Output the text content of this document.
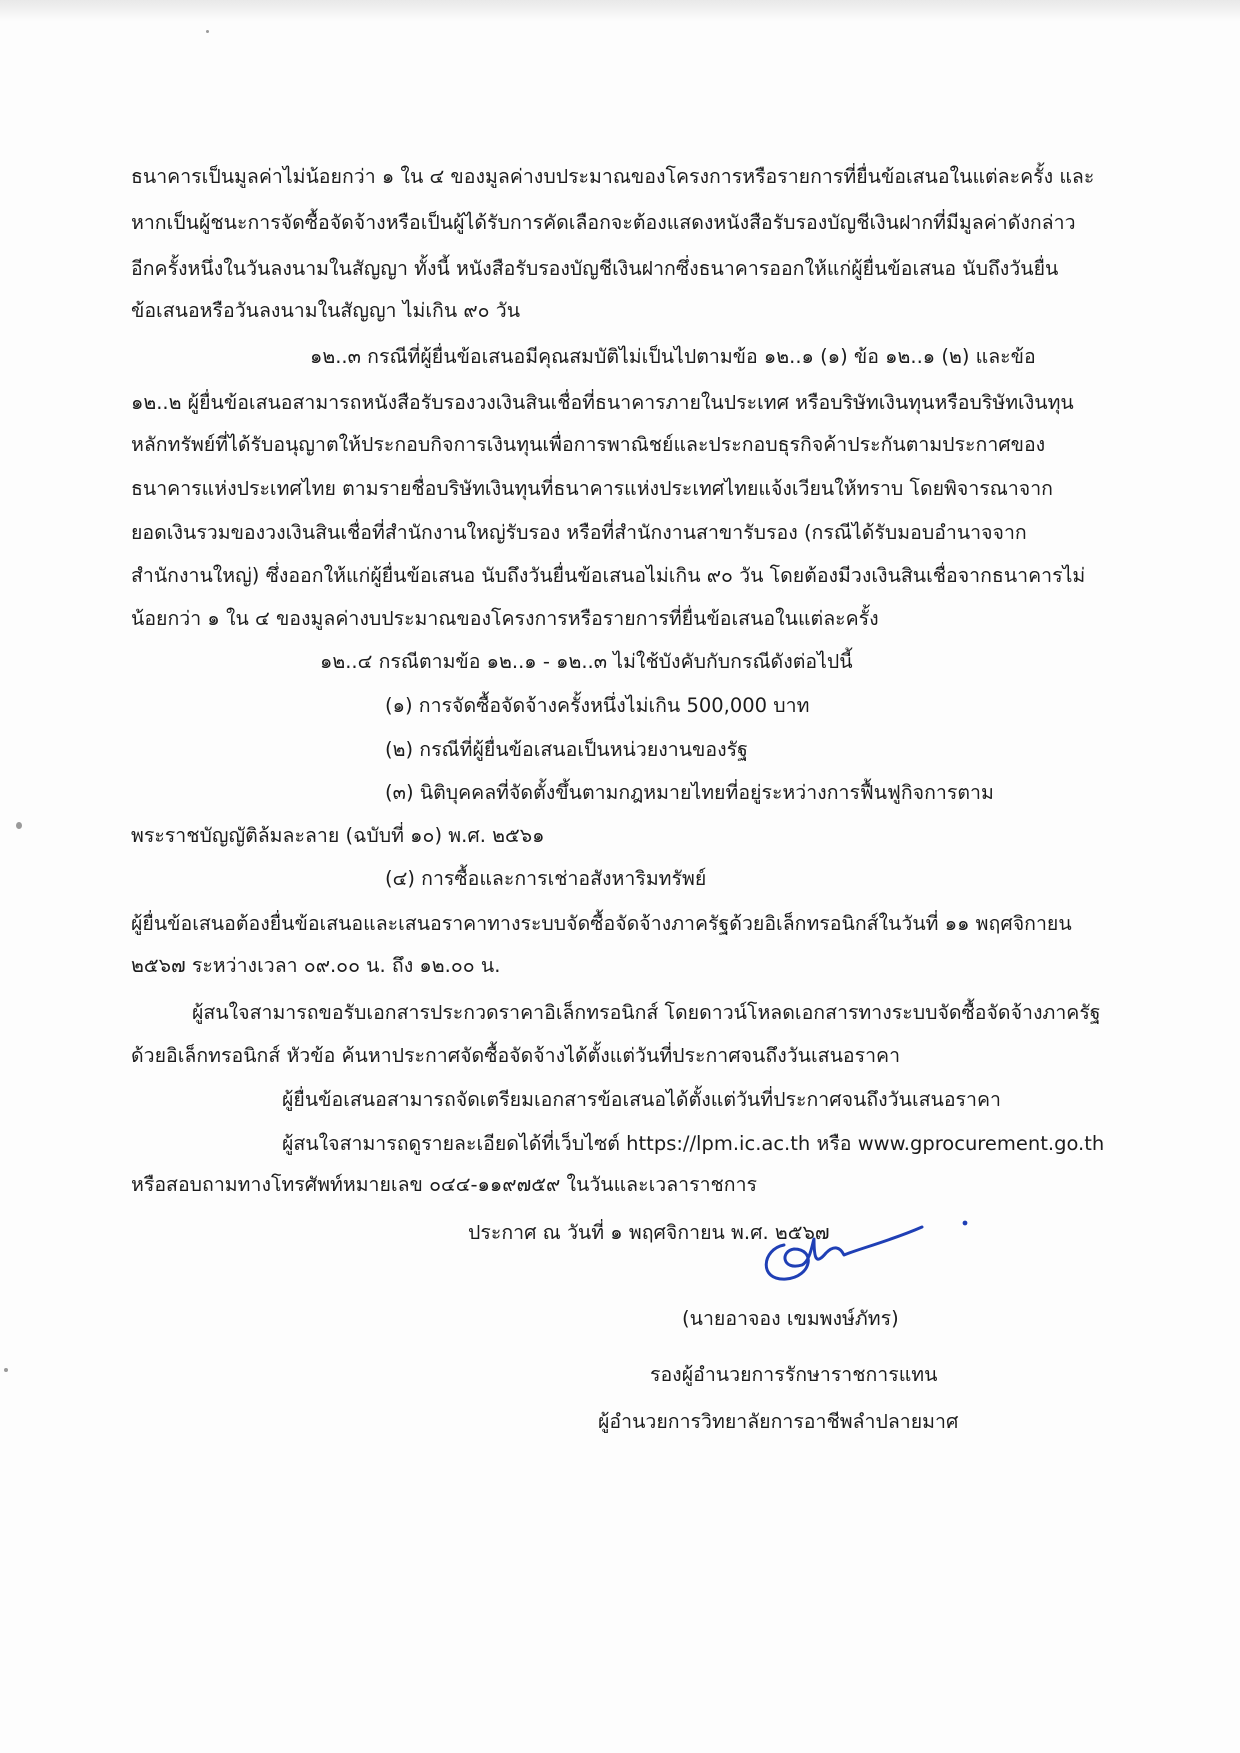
ธนาคารเป็นมูลค่าไม่น้อยกว่า ๑ ใน ๔ ของมูลค่างบประมาณของโครงการหรือรายการที่ยื่นข้อเสนอในแต่ละครั้ง และ
หากเป็นผู้ชนะการจัดซื้อจัดจ้างหรือเป็นผู้ได้รับการคัดเลือกจะต้องแสดงหนังสือรับรองบัญชีเงินฝากที่มีมูลค่าดังกล่าว
อีกครั้งหนึ่งในวันลงนามในสัญญา ทั้งนี้ หนังสือรับรองบัญชีเงินฝากซึ่งธนาคารออกให้แก่ผู้ยื่นข้อเสนอ นับถึงวันยื่น
ข้อเสนอหรือวันลงนามในสัญญา ไม่เกิน ๙๐ วัน
๑๒..๓ กรณีที่ผู้ยื่นข้อเสนอมีคุณสมบัติไม่เป็นไปตามข้อ ๑๒..๑ (๑) ข้อ ๑๒..๑ (๒) และข้อ
๑๒..๒ ผู้ยื่นข้อเสนอสามารถหนังสือรับรองวงเงินสินเชื่อที่ธนาคารภายในประเทศ หรือบริษัทเงินทุนหรือบริษัทเงินทุน
หลักทรัพย์ที่ได้รับอนุญาตให้ประกอบกิจการเงินทุนเพื่อการพาณิชย์และประกอบธุรกิจค้าประกันตามประกาศของ
ธนาคารแห่งประเทศไทย ตามรายชื่อบริษัทเงินทุนที่ธนาคารแห่งประเทศไทยแจ้งเวียนให้ทราบ โดยพิจารณาจาก
ยอดเงินรวมของวงเงินสินเชื่อที่สำนักงานใหญ่รับรอง หรือที่สำนักงานสาขารับรอง (กรณีได้รับมอบอำนาจจาก
สำนักงานใหญ่) ซึ่งออกให้แก่ผู้ยื่นข้อเสนอ นับถึงวันยื่นข้อเสนอไม่เกิน ๙๐ วัน โดยต้องมีวงเงินสินเชื่อจากธนาคารไม่
น้อยกว่า ๑ ใน ๔ ของมูลค่างบประมาณของโครงการหรือรายการที่ยื่นข้อเสนอในแต่ละครั้ง
๑๒..๔ กรณีตามข้อ ๑๒..๑ - ๑๒..๓ ไม่ใช้บังคับกับกรณีดังต่อไปนี้
(๑) การจัดซื้อจัดจ้างครั้งหนึ่งไม่เกิน 500,000 บาท
(๒) กรณีที่ผู้ยื่นข้อเสนอเป็นหน่วยงานของรัฐ
(๓) นิติบุคคลที่จัดตั้งขึ้นตามกฎหมายไทยที่อยู่ระหว่างการฟื้นฟูกิจการตาม
พระราชบัญญัติล้มละลาย (ฉบับที่ ๑๐) พ.ศ. ๒๕๖๑
(๔) การซื้อและการเช่าอสังหาริมทรัพย์
ผู้ยื่นข้อเสนอต้องยื่นข้อเสนอและเสนอราคาทางระบบจัดซื้อจัดจ้างภาครัฐด้วยอิเล็กทรอนิกส์ในวันที่ ๑๑ พฤศจิกายน
๒๕๖๗ ระหว่างเวลา ๐๙.๐๐ น. ถึง ๑๒.๐๐ น.
ผู้สนใจสามารถขอรับเอกสารประกวดราคาอิเล็กทรอนิกส์ โดยดาวน์โหลดเอกสารทางระบบจัดซื้อจัดจ้างภาครัฐ
ด้วยอิเล็กทรอนิกส์ หัวข้อ ค้นหาประกาศจัดซื้อจัดจ้างได้ตั้งแต่วันที่ประกาศจนถึงวันเสนอราคา
ผู้ยื่นข้อเสนอสามารถจัดเตรียมเอกสารข้อเสนอได้ตั้งแต่วันที่ประกาศจนถึงวันเสนอราคา
ผู้สนใจสามารถดูรายละเอียดได้ที่เว็บไซต์ https://lpm.ic.ac.th หรือ www.gprocurement.go.th
หรือสอบถามทางโทรศัพท์หมายเลข ๐๔๔-๑๑๙๗๕๙ ในวันและเวลาราชการ
ประกาศ ณ วันที่ ๑ พฤศจิกายน พ.ศ. ๒๕๖๗
(นายอาจอง เขมพงษ์ภัทร)
รองผู้อำนวยการรักษาราชการแทน
ผู้อำนวยการวิทยาลัยการอาชีพลำปลายมาศ
